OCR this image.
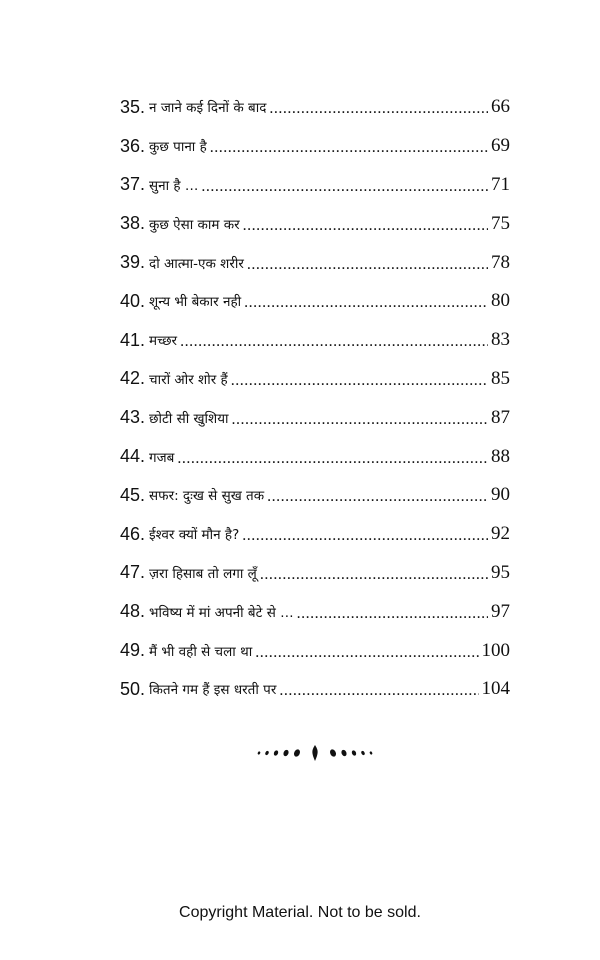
35. न जाने कई दिनों के बाद .....	66
36. कुछ पाना है .....	69
37. सुना है … .....	71
38. कुछ ऐसा काम कर .....	75
39. दो आत्मा-एक शरीर .....	78
40. शून्य भी बेकार नही .....	80
41. मच्छर .....	83
42. चारों ओर शोर हैं .....	85
43. छोटी सी खुशिया .....	87
44. गजब .....	88
45. सफर: दुःख से सुख तक .....	90
46. ईश्वर क्यों मौन है? .....	92
47. ज़रा हिसाब तो लगा लूँ .....	95
48. भविष्य में मां अपनी बेटे से … .....	97
49. मैं भी वही से चला था .....	100
50. कितने गम हैं इस धरती पर .....	104
Copyright Material. Not to be sold.
